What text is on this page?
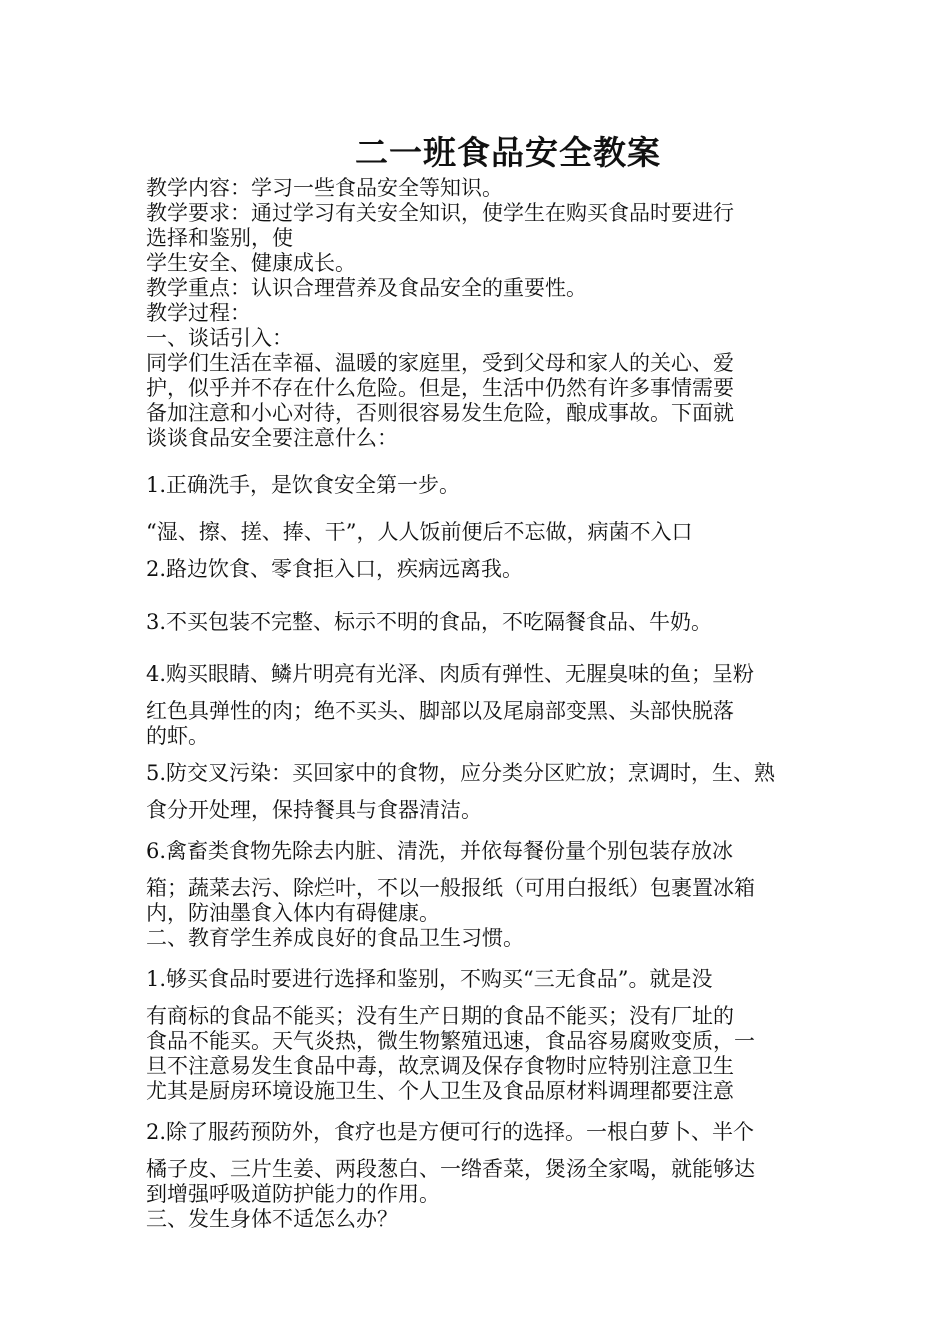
二一班食品安全教案

教学内容：学习一些食品安全等知识。

教学要求：通过学习有关安全知识，使学生在购买食品时要进行

选择和鉴别，使

学生安全、健康成长。

教学重点：认识合理营养及食品安全的重要性。

教学过程：

一、谈话引入：

同学们生活在幸福、温暖的家庭里，受到父母和家人的关心、爱

护，似乎并不存在什么危险。但是，生活中仍然有许多事情需要

备加注意和小心对待，否则很容易发生危险，酿成事故。下面就

谈谈食品安全要注意什么：

1.正确洗手，是饮食安全第一步。

“湿、擦、搓、捧、干”，人人饭前便后不忘做，病菌不入口

2.路边饮食、零食拒入口，疾病远离我。

3.不买包装不完整、标示不明的食品，不吃隔餐食品、牛奶。

4.购买眼睛、鳞片明亮有光泽、肉质有弹性、无腥臭味的鱼；呈粉

红色具弹性的肉；绝不买头、脚部以及尾扇部变黑、头部快脱落

的虾。

5.防交叉污染：买回家中的食物，应分类分区贮放；烹调时，生、熟

食分开处理，保持餐具与食器清洁。

6.禽畜类食物先除去内脏、清洗，并依每餐份量个别包装存放冰

箱；蔬菜去污、除烂叶，不以一般报纸（可用白报纸）包裹置冰箱

内，防油墨食入体内有碍健康。

二、教育学生养成良好的食品卫生习惯。

1.够买食品时要进行选择和鉴别，不购买“三无食品”。就是没

有商标的食品不能买；没有生产日期的食品不能买；没有厂址的

食品不能买。天气炎热，微生物繁殖迅速，食品容易腐败变质，一

旦不注意易发生食品中毒，故烹调及保存食物时应特别注意卫生

尤其是厨房环境设施卫生、个人卫生及食品原材料调理都要注意

2.除了服药预防外，食疗也是方便可行的选择。一根白萝卜、半个

橘子皮、三片生姜、两段葱白、一绺香菜，煲汤全家喝，就能够达

到增强呼吸道防护能力的作用。

三、发生身体不适怎么办？
